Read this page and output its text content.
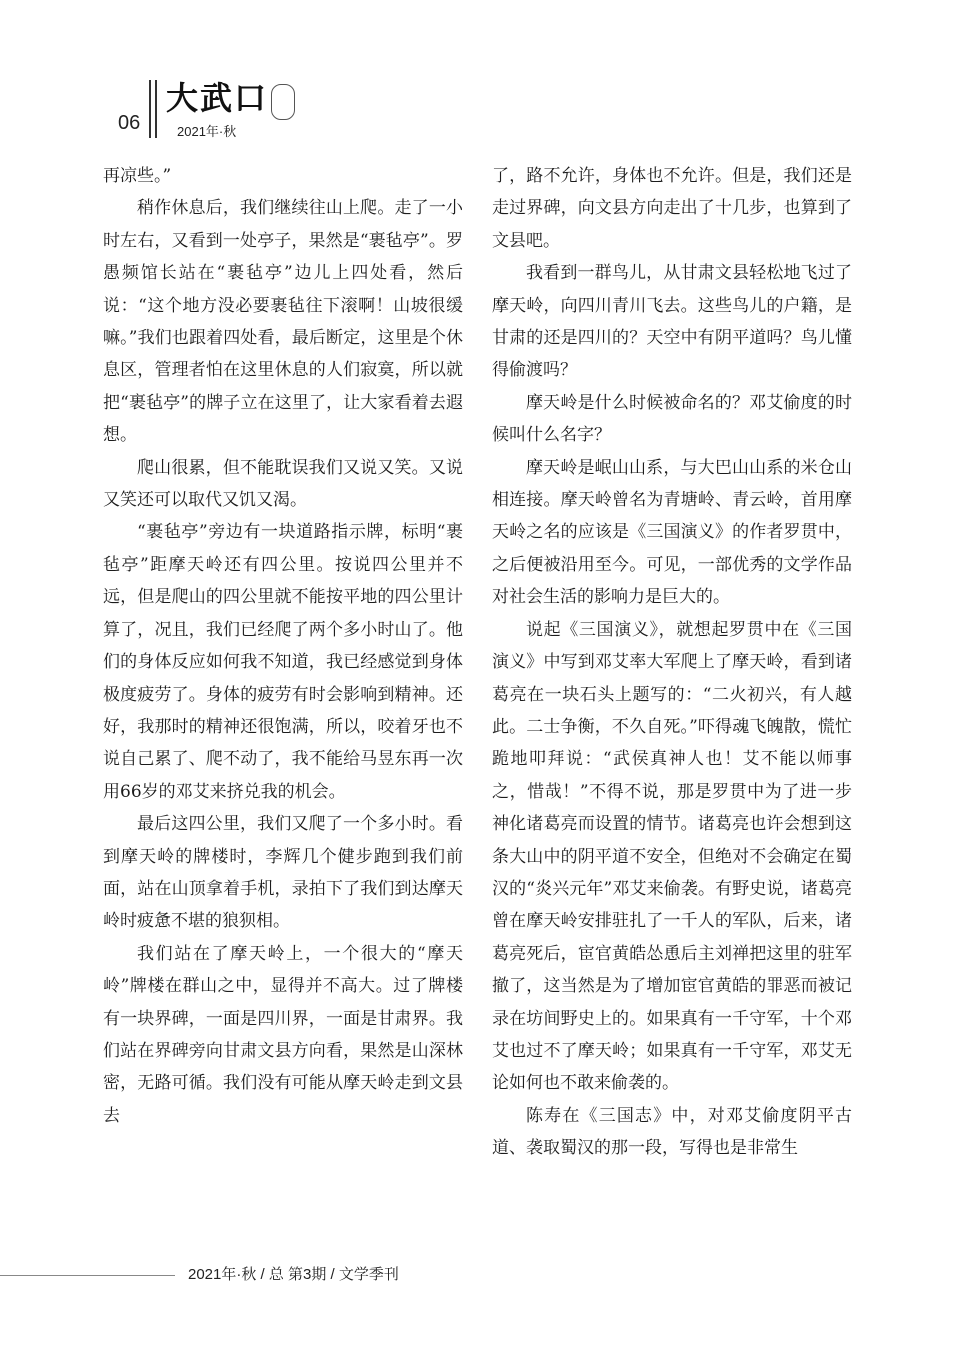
06
大武口
2021年·秋

再凉些。”

稍作休息后，我们继续往山上爬。走了一小时左右，又看到一处亭子，果然是“裹毡亭”。罗愚频馆长站在“裹毡亭”边儿上四处看，然后说：“这个地方没必要裹毡往下滚啊！山坡很缓嘛。”我们也跟着四处看，最后断定，这里是个休息区，管理者怕在这里休息的人们寂寞，所以就把“裹毡亭”的牌子立在这里了，让大家看着去遐想。

爬山很累，但不能耽误我们又说又笑。又说又笑还可以取代又饥又渴。

“裹毡亭”旁边有一块道路指示牌，标明“裹毡亭”距摩天岭还有四公里。按说四公里并不远，但是爬山的四公里就不能按平地的四公里计算了，况且，我们已经爬了两个多小时山了。他们的身体反应如何我不知道，我已经感觉到身体极度疲劳了。身体的疲劳有时会影响到精神。还好，我那时的精神还很饱满，所以，咬着牙也不说自己累了、爬不动了，我不能给马昱东再一次用66岁的邓艾来挤兑我的机会。

最后这四公里，我们又爬了一个多小时。看到摩天岭的牌楼时，李辉几个健步跑到我们前面，站在山顶拿着手机，录拍下了我们到达摩天岭时疲惫不堪的狼狈相。

我们站在了摩天岭上，一个很大的“摩天岭”牌楼在群山之中，显得并不高大。过了牌楼有一块界碑，一面是四川界，一面是甘肃界。我们站在界碑旁向甘肃文县方向看，果然是山深林密，无路可循。我们没有可能从摩天岭走到文县去

了，路不允许，身体也不允许。但是，我们还是走过界碑，向文县方向走出了十几步，也算到了文县吧。

我看到一群鸟儿，从甘肃文县轻松地飞过了摩天岭，向四川青川飞去。这些鸟儿的户籍，是甘肃的还是四川的？天空中有阴平道吗？鸟儿懂得偷渡吗？

摩天岭是什么时候被命名的？邓艾偷度的时候叫什么名字？

摩天岭是岷山山系，与大巴山山系的米仓山相连接。摩天岭曾名为青塘岭、青云岭，首用摩天岭之名的应该是《三国演义》的作者罗贯中，之后便被沿用至今。可见，一部优秀的文学作品对社会生活的影响力是巨大的。

说起《三国演义》，就想起罗贯中在《三国演义》中写到邓艾率大军爬上了摩天岭，看到诸葛亮在一块石头上题写的：“二火初兴，有人越此。二士争衡，不久自死。”吓得魂飞魄散，慌忙跪地叩拜说：“武侯真神人也！艾不能以师事之，惜哉！”不得不说，那是罗贯中为了进一步神化诸葛亮而设置的情节。诸葛亮也许会想到这条大山中的阴平道不安全，但绝对不会确定在蜀汉的“炎兴元年”邓艾来偷袭。有野史说，诸葛亮曾在摩天岭安排驻扎了一千人的军队，后来，诸葛亮死后，宦官黄皓怂恿后主刘禅把这里的驻军撤了，这当然是为了增加宦官黄皓的罪恶而被记录在坊间野史上的。如果真有一千守军，十个邓艾也过不了摩天岭；如果真有一千守军，邓艾无论如何也不敢来偷袭的。

陈寿在《三国志》中，对邓艾偷度阴平古道、袭取蜀汉的那一段，写得也是非常生

2021年·秋 / 总 第3期 / 文学季刊
